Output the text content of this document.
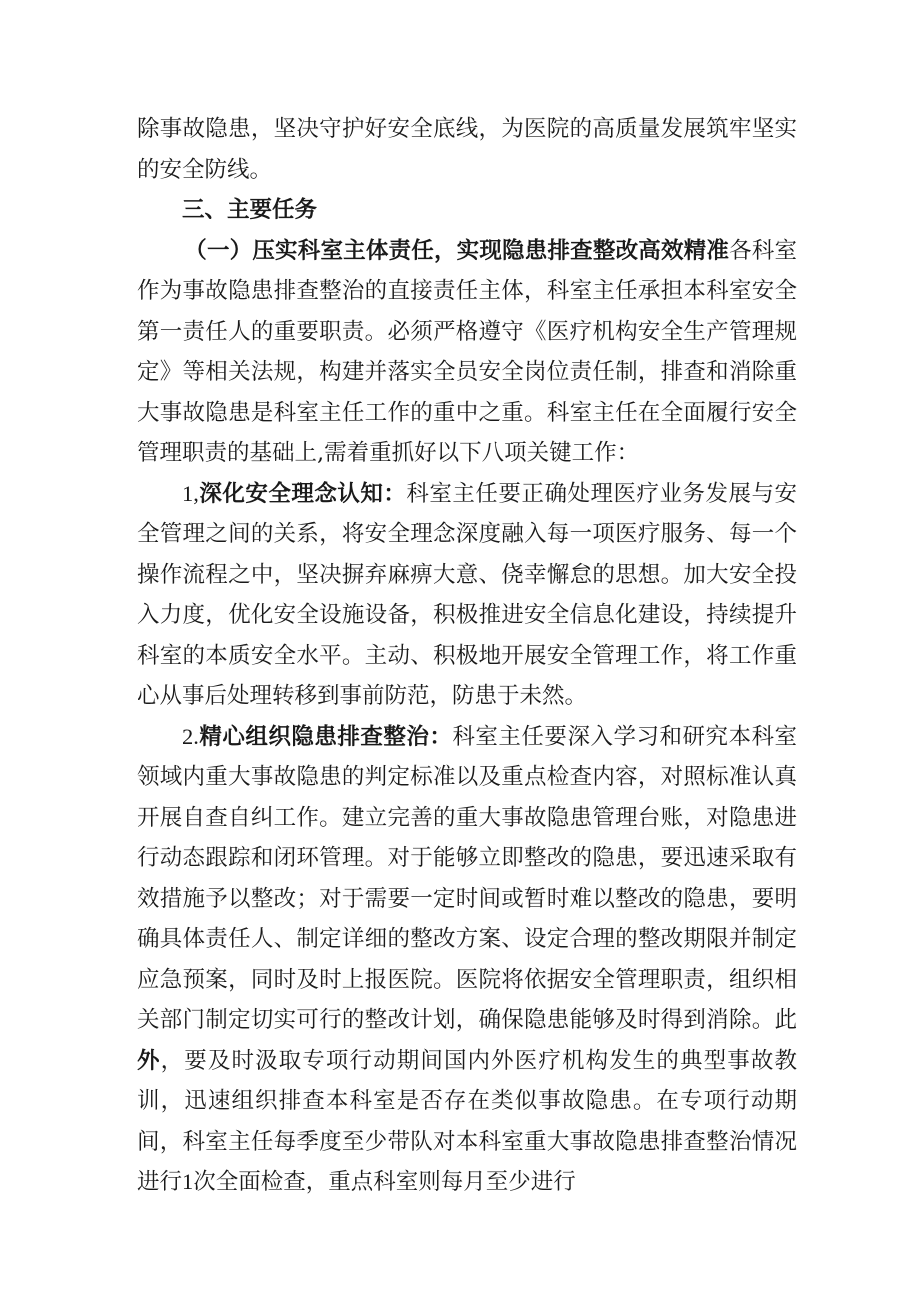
除事故隐患，坚决守护好安全底线，为医院的高质量发展筑牢坚实的安全防线。

三、主要任务

（一）压实科室主体责任，实现隐患排查整改高效精准各科室作为事故隐患排查整治的直接责任主体，科室主任承担本科室安全第一责任人的重要职责。必须严格遵守《医疗机构安全生产管理规定》等相关法规，构建并落实全员安全岗位责任制，排查和消除重大事故隐患是科室主任工作的重中之重。科室主任在全面履行安全管理职责的基础上,需着重抓好以下八项关键工作：

1,深化安全理念认知：科室主任要正确处理医疗业务发展与安全管理之间的关系，将安全理念深度融入每一项医疗服务、每一个操作流程之中，坚决摒弃麻痹大意、侥幸懈怠的思想。加大安全投入力度，优化安全设施设备，积极推进安全信息化建设，持续提升科室的本质安全水平。主动、积极地开展安全管理工作，将工作重心从事后处理转移到事前防范，防患于未然。

2.精心组织隐患排查整治：科室主任要深入学习和研究本科室领域内重大事故隐患的判定标准以及重点检查内容，对照标准认真开展自查自纠工作。建立完善的重大事故隐患管理台账，对隐患进行动态跟踪和闭环管理。对于能够立即整改的隐患，要迅速采取有效措施予以整改；对于需要一定时间或暂时难以整改的隐患，要明确具体责任人、制定详细的整改方案、设定合理的整改期限并制定应急预案，同时及时上报医院。医院将依据安全管理职责，组织相关部门制定切实可行的整改计划，确保隐患能够及时得到消除。此外，要及时汲取专项行动期间国内外医疗机构发生的典型事故教训，迅速组织排查本科室是否存在类似事故隐患。在专项行动期间，科室主任每季度至少带队对本科室重大事故隐患排查整治情况进行1次全面检查，重点科室则每月至少进行
